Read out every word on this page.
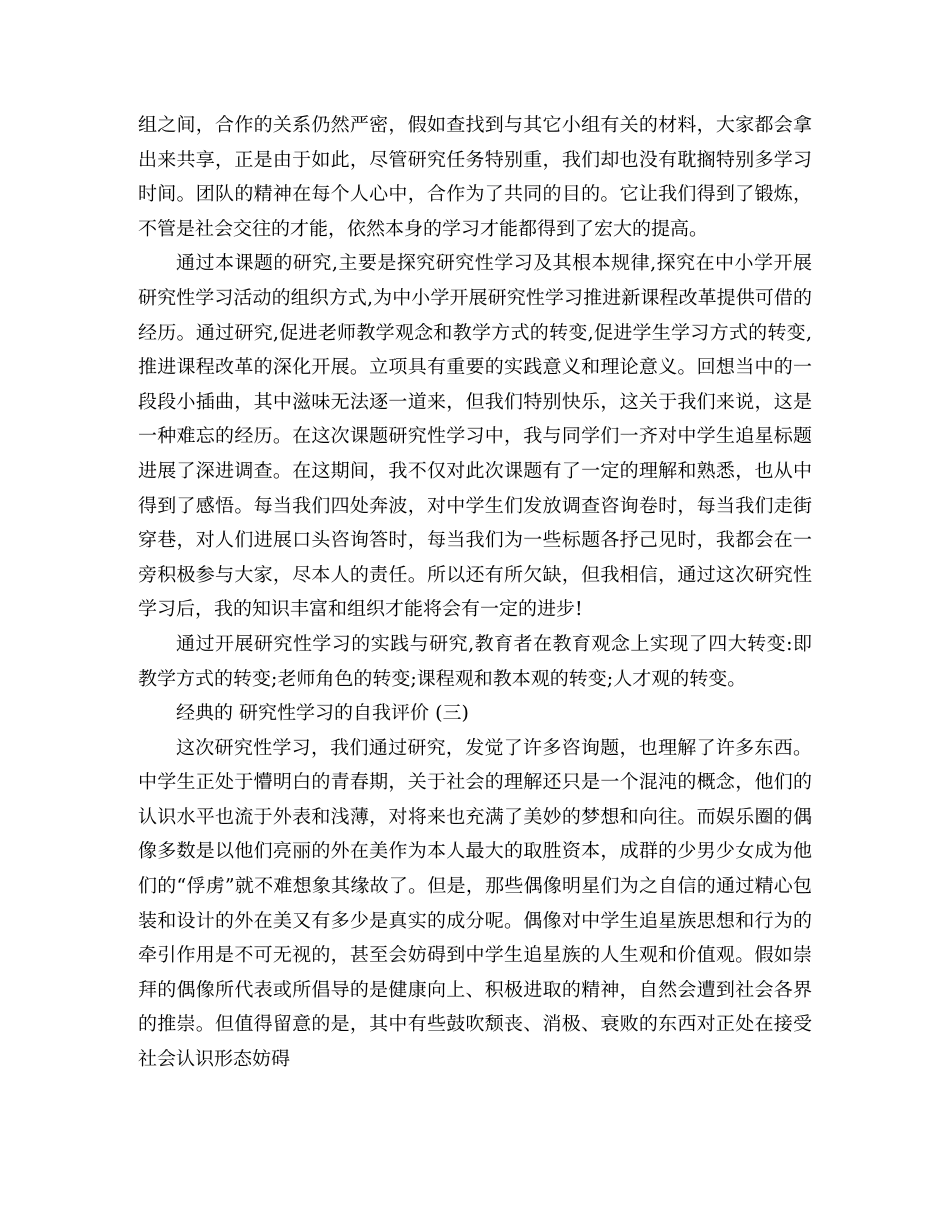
组之间，合作的关系仍然严密，假如查找到与其它小组有关的材料，大家都会拿出来共享，正是由于如此，尽管研究任务特别重，我们却也没有耽搁特别多学习时间。团队的精神在每个人心中，合作为了共同的目的。它让我们得到了锻炼，不管是社会交往的才能，依然本身的学习才能都得到了宏大的提高。

通过本课题的研究,主要是探究研究性学习及其根本规律,探究在中小学开展研究性学习活动的组织方式,为中小学开展研究性学习推进新课程改革提供可借的经历。通过研究,促进老师教学观念和教学方式的转变,促进学生学习方式的转变,推进课程改革的深化开展。立项具有重要的实践意义和理论意义。回想当中的一段段小插曲，其中滋味无法逐一道来，但我们特别快乐，这关于我们来说，这是一种难忘的经历。在这次课题研究性学习中，我与同学们一齐对中学生追星标题进展了深进调查。在这期间，我不仅对此次课题有了一定的理解和熟悉，也从中得到了感悟。每当我们四处奔波，对中学生们发放调查咨询卷时，每当我们走街穿巷，对人们进展口头咨询答时，每当我们为一些标题各抒己见时，我都会在一旁积极参与大家，尽本人的责任。所以还有所欠缺，但我相信，通过这次研究性学习后，我的知识丰富和组织才能将会有一定的进步!

通过开展研究性学习的实践与研究,教育者在教育观念上实现了四大转变:即教学方式的转变;老师角色的转变;课程观和教本观的转变;人才观的转变。

经典的 研究性学习的自我评价 (三)

这次研究性学习，我们通过研究，发觉了许多咨询题，也理解了许多东西。中学生正处于懵明白的青春期，关于社会的理解还只是一个混沌的概念，他们的认识水平也流于外表和浅薄，对将来也充满了美妙的梦想和向往。而娱乐圈的偶像多数是以他们亮丽的外在美作为本人最大的取胜资本，成群的少男少女成为他们的“俘虏”就不难想象其缘故了。但是，那些偶像明星们为之自信的通过精心包装和设计的外在美又有多少是真实的成分呢。偶像对中学生追星族思想和行为的牵引作用是不可无视的，甚至会妨碍到中学生追星族的人生观和价值观。假如崇拜的偶像所代表或所倡导的是健康向上、积极进取的精神，自然会遭到社会各界的推崇。但值得留意的是，其中有些鼓吹颓丧、消极、衰败的东西对正处在接受社会认识形态妨碍
